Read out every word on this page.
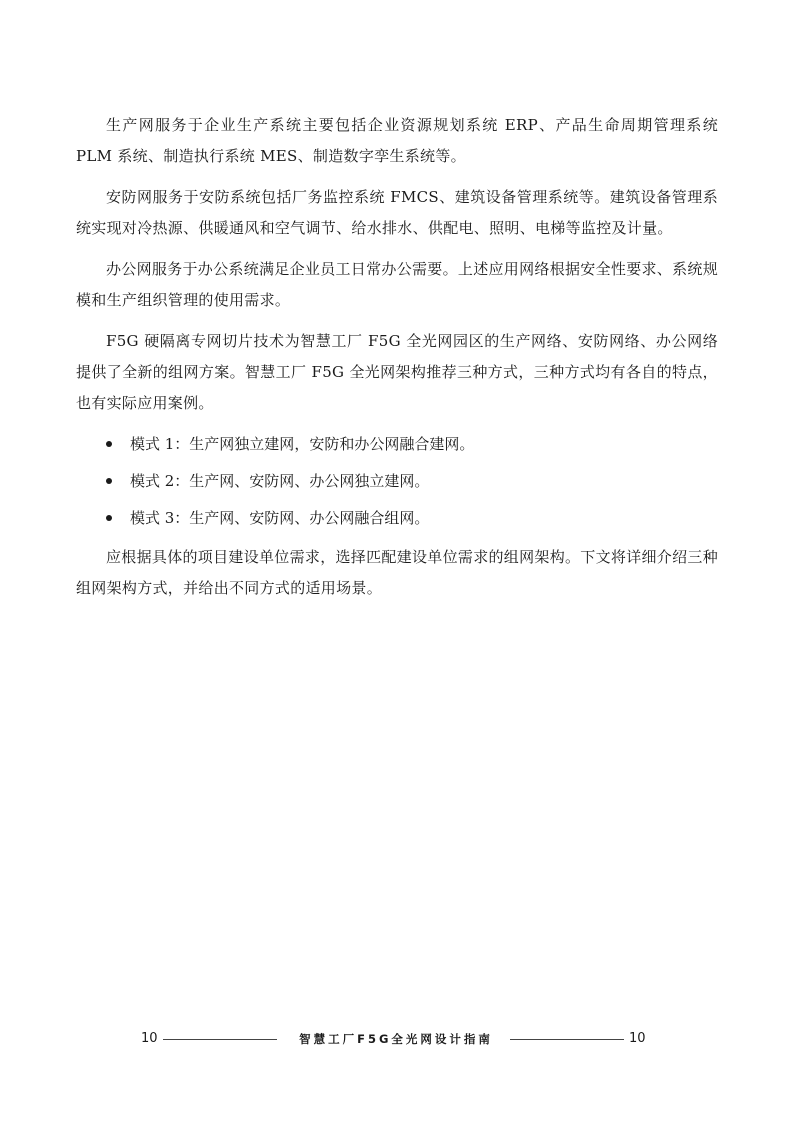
生产网服务于企业生产系统主要包括企业资源规划系统 ERP、产品生命周期管理系统 PLM 系统、制造执行系统 MES、制造数字孪生系统等。

安防网服务于安防系统包括厂务监控系统 FMCS、建筑设备管理系统等。建筑设备管理系统实现对冷热源、供暖通风和空气调节、给水排水、供配电、照明、电梯等监控及计量。

办公网服务于办公系统满足企业员工日常办公需要。上述应用网络根据安全性要求、系统规模和生产组织管理的使用需求。

F5G 硬隔离专网切片技术为智慧工厂 F5G 全光网园区的生产网络、安防网络、办公网络提供了全新的组网方案。智慧工厂 F5G 全光网架构推荐三种方式，三种方式均有各自的特点，也有实际应用案例。

模式 1：生产网独立建网，安防和办公网融合建网。
模式 2：生产网、安防网、办公网独立建网。
模式 3：生产网、安防网、办公网融合组网。

应根据具体的项目建设单位需求，选择匹配建设单位需求的组网架构。下文将详细介绍三种组网架构方式，并给出不同方式的适用场景。

10	智慧工厂F5G全光网设计指南	10
